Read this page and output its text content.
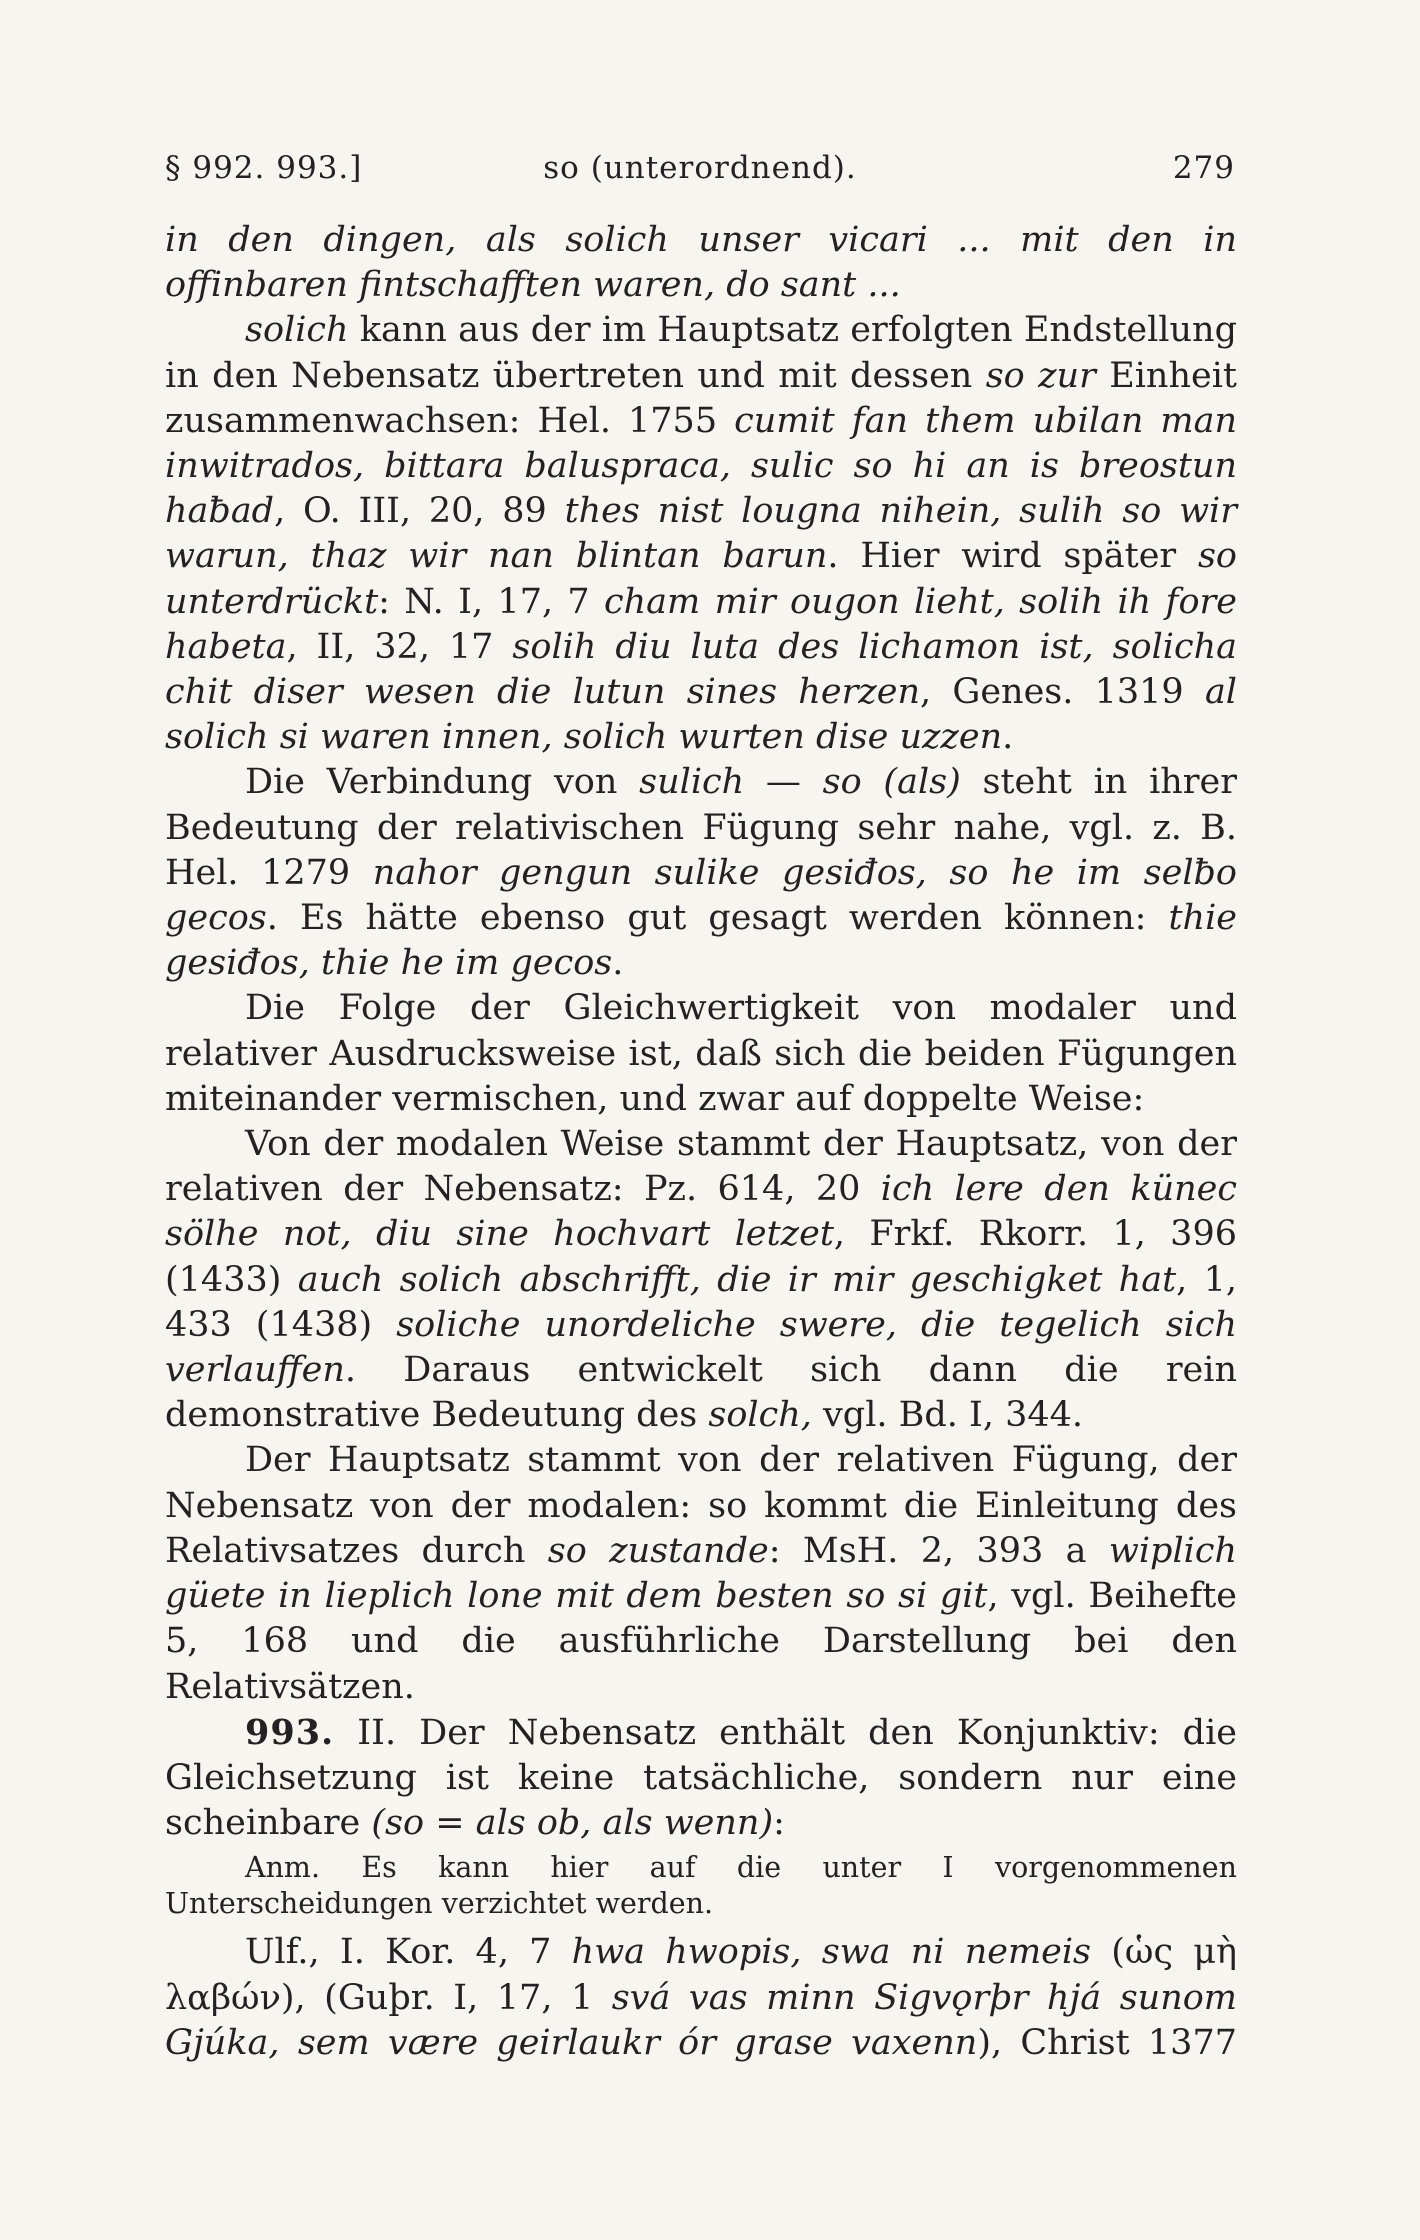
§ 992. 993.]	so (unterordnend).	279

in den dingen, als solich unser vicari ... mit den in offinbaren fintschafften waren, do sant ...

solich kann aus der im Hauptsatz erfolgten Endstellung in den Nebensatz übertreten und mit dessen so zur Einheit zusammenwachsen: Hel. 1755 cumit fan them ubilan man inwitrados, bittara baluspraca, sulic so hi an is breostun haƀad, O. III, 20, 89 thes nist lougna nihein, sulih so wir warun, thaz wir nan blintan barun. Hier wird später so unterdrückt: N. I, 17, 7 cham mir ougon lieht, solih ih fore habeta, II, 32, 17 solih diu luta des lichamon ist, solicha chit diser wesen die lutun sines herzen, Genes. 1319 al solich si waren innen, solich wurten dise uzzen.

Die Verbindung von sulich — so (als) steht in ihrer Bedeutung der relativischen Fügung sehr nahe, vgl. z. B. Hel. 1279 nahor gengun sulike gesiđos, so he im selƀo gecos. Es hätte ebenso gut gesagt werden können: thie gesiđos, thie he im gecos.

Die Folge der Gleichwertigkeit von modaler und relativer Ausdrucksweise ist, daß sich die beiden Fügungen miteinander vermischen, und zwar auf doppelte Weise:

Von der modalen Weise stammt der Hauptsatz, von der relativen der Nebensatz: Pz. 614, 20 ich lere den künec sölhe not, diu sine hochvart letzet, Frkf. Rkorr. 1, 396 (1433) auch solich abschrifft, die ir mir geschigket hat, 1, 433 (1438) soliche unordeliche swere, die tegelich sich verlauffen. Daraus entwickelt sich dann die rein demonstrative Bedeutung des solch, vgl. Bd. I, 344.

Der Hauptsatz stammt von der relativen Fügung, der Nebensatz von der modalen: so kommt die Einleitung des Relativsatzes durch so zustande: MsH. 2, 393 a wiplich güete in lieplich lone mit dem besten so si git, vgl. Beihefte 5, 168 und die ausführliche Darstellung bei den Relativsätzen.

993. II. Der Nebensatz enthält den Konjunktiv: die Gleichsetzung ist keine tatsächliche, sondern nur eine scheinbare (so = als ob, als wenn):

Anm. Es kann hier auf die unter I vorgenommenen Unterscheidungen verzichtet werden.

Ulf., I. Kor. 4, 7 hwa hwopis, swa ni nemeis (ὡς μὴ λαβών), (Guþr. I, 17, 1 svá vas minn Sigvǫrþr hjá sunom Gjúka, sem være geirlaukr ór grase vaxenn), Christ 1377
